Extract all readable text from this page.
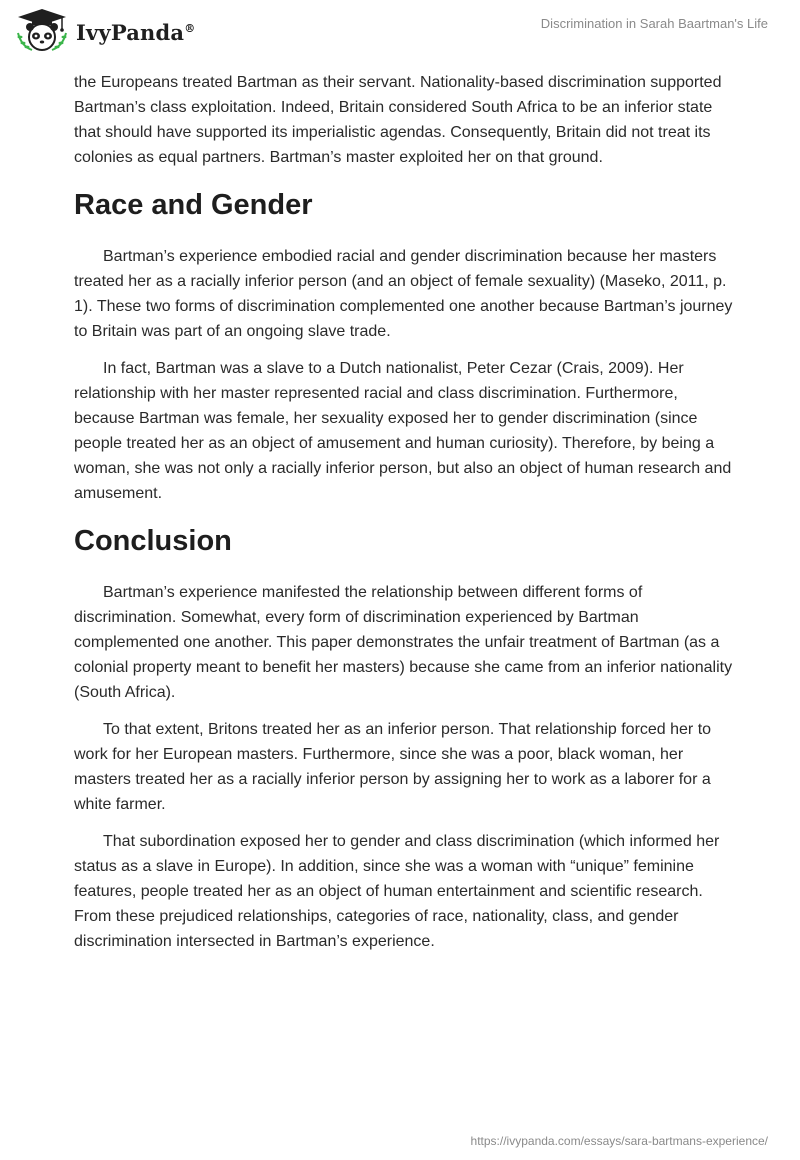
IvyPanda®	Discrimination in Sarah Baartman's Life

the Europeans treated Bartman as their servant. Nationality-based discrimination supported Bartman’s class exploitation. Indeed, Britain considered South Africa to be an inferior state that should have supported its imperialistic agendas. Consequently, Britain did not treat its colonies as equal partners. Bartman’s master exploited her on that ground.

Race and Gender

Bartman’s experience embodied racial and gender discrimination because her masters treated her as a racially inferior person (and an object of female sexuality) (Maseko, 2011, p. 1). These two forms of discrimination complemented one another because Bartman’s journey to Britain was part of an ongoing slave trade.

In fact, Bartman was a slave to a Dutch nationalist, Peter Cezar (Crais, 2009). Her relationship with her master represented racial and class discrimination. Furthermore, because Bartman was female, her sexuality exposed her to gender discrimination (since people treated her as an object of amusement and human curiosity). Therefore, by being a woman, she was not only a racially inferior person, but also an object of human research and amusement.

Conclusion

Bartman’s experience manifested the relationship between different forms of discrimination. Somewhat, every form of discrimination experienced by Bartman complemented one another. This paper demonstrates the unfair treatment of Bartman (as a colonial property meant to benefit her masters) because she came from an inferior nationality (South Africa).

To that extent, Britons treated her as an inferior person. That relationship forced her to work for her European masters. Furthermore, since she was a poor, black woman, her masters treated her as a racially inferior person by assigning her to work as a laborer for a white farmer.

That subordination exposed her to gender and class discrimination (which informed her status as a slave in Europe). In addition, since she was a woman with “unique” feminine features, people treated her as an object of human entertainment and scientific research. From these prejudiced relationships, categories of race, nationality, class, and gender discrimination intersected in Bartman’s experience.

https://ivypanda.com/essays/sara-bartmans-experience/
